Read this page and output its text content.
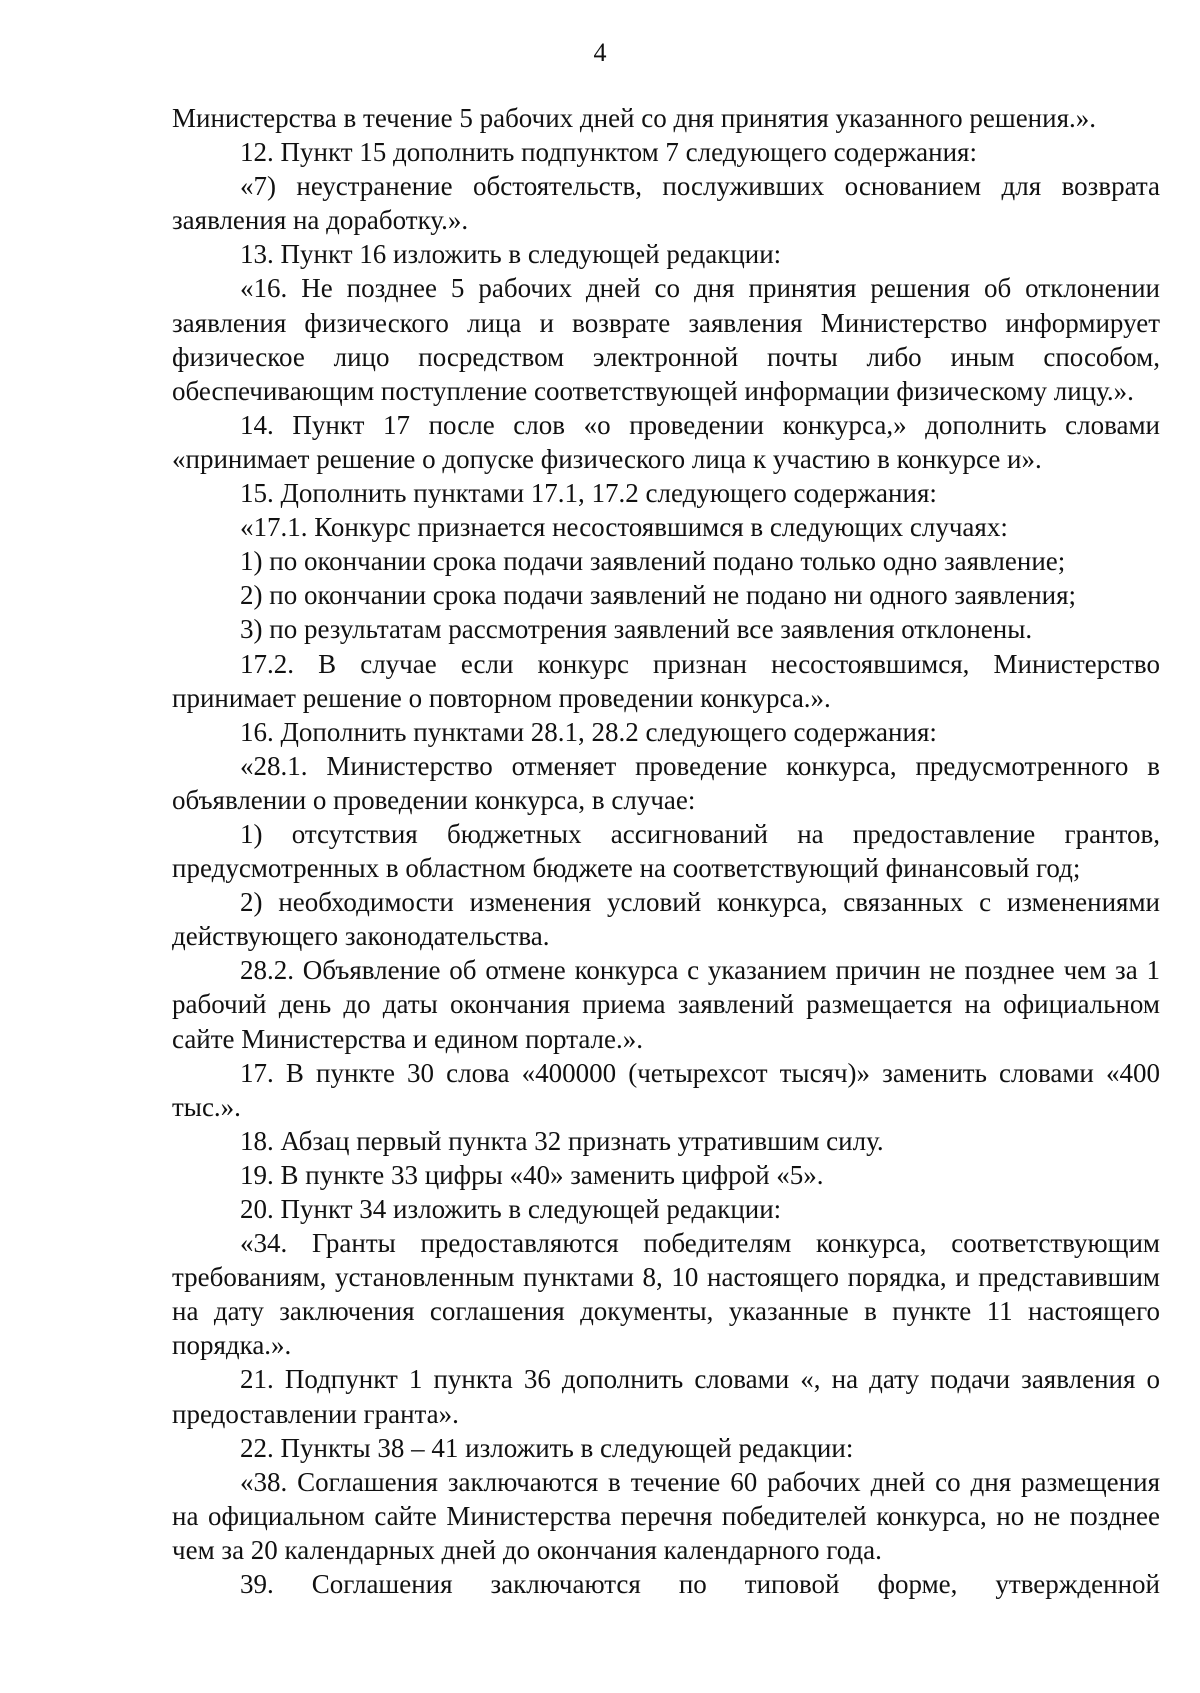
4

Министерства в течение 5 рабочих дней со дня принятия указанного решения.».

12. Пункт 15 дополнить подпунктом 7 следующего содержания:

«7) неустранение обстоятельств, послуживших основанием для возврата заявления на доработку.».

13. Пункт 16 изложить в следующей редакции:

«16. Не позднее 5 рабочих дней со дня принятия решения об отклонении заявления физического лица и возврате заявления Министерство информирует физическое лицо посредством электронной почты либо иным способом, обеспечивающим поступление соответствующей информации физическому лицу.».

14. Пункт 17 после слов «о проведении конкурса,» дополнить словами «принимает решение о допуске физического лица к участию в конкурсе и».

15. Дополнить пунктами 17.1, 17.2 следующего содержания:

«17.1. Конкурс признается несостоявшимся в следующих случаях:

1) по окончании срока подачи заявлений подано только одно заявление;

2) по окончании срока подачи заявлений не подано ни одного заявления;

3) по результатам рассмотрения заявлений все заявления отклонены.

17.2. В случае если конкурс признан несостоявшимся, Министерство принимает решение о повторном проведении конкурса.».

16. Дополнить пунктами 28.1, 28.2 следующего содержания:

«28.1. Министерство отменяет проведение конкурса, предусмотренного в объявлении о проведении конкурса, в случае:

1) отсутствия бюджетных ассигнований на предоставление грантов, предусмотренных в областном бюджете на соответствующий финансовый год;

2) необходимости изменения условий конкурса, связанных с изменениями действующего законодательства.

28.2. Объявление об отмене конкурса с указанием причин не позднее чем за 1 рабочий день до даты окончания приема заявлений размещается на официальном сайте Министерства и едином портале.».

17. В пункте 30 слова «400000 (четырехсот тысяч)» заменить словами «400 тыс.».

18. Абзац первый пункта 32 признать утратившим силу.

19. В пункте 33 цифры «40» заменить цифрой «5».

20. Пункт 34 изложить в следующей редакции:

«34. Гранты предоставляются победителям конкурса, соответствующим требованиям, установленным пунктами 8, 10 настоящего порядка, и представившим на дату заключения соглашения документы, указанные в пункте 11 настоящего порядка.».

21. Подпункт 1 пункта 36 дополнить словами «, на дату подачи заявления о предоставлении гранта».

22. Пункты 38 – 41 изложить в следующей редакции:

«38. Соглашения заключаются в течение 60 рабочих дней со дня размещения на официальном сайте Министерства перечня победителей конкурса, но не позднее чем за 20 календарных дней до окончания календарного года.

39. Соглашения заключаются по типовой форме, утвержденной
